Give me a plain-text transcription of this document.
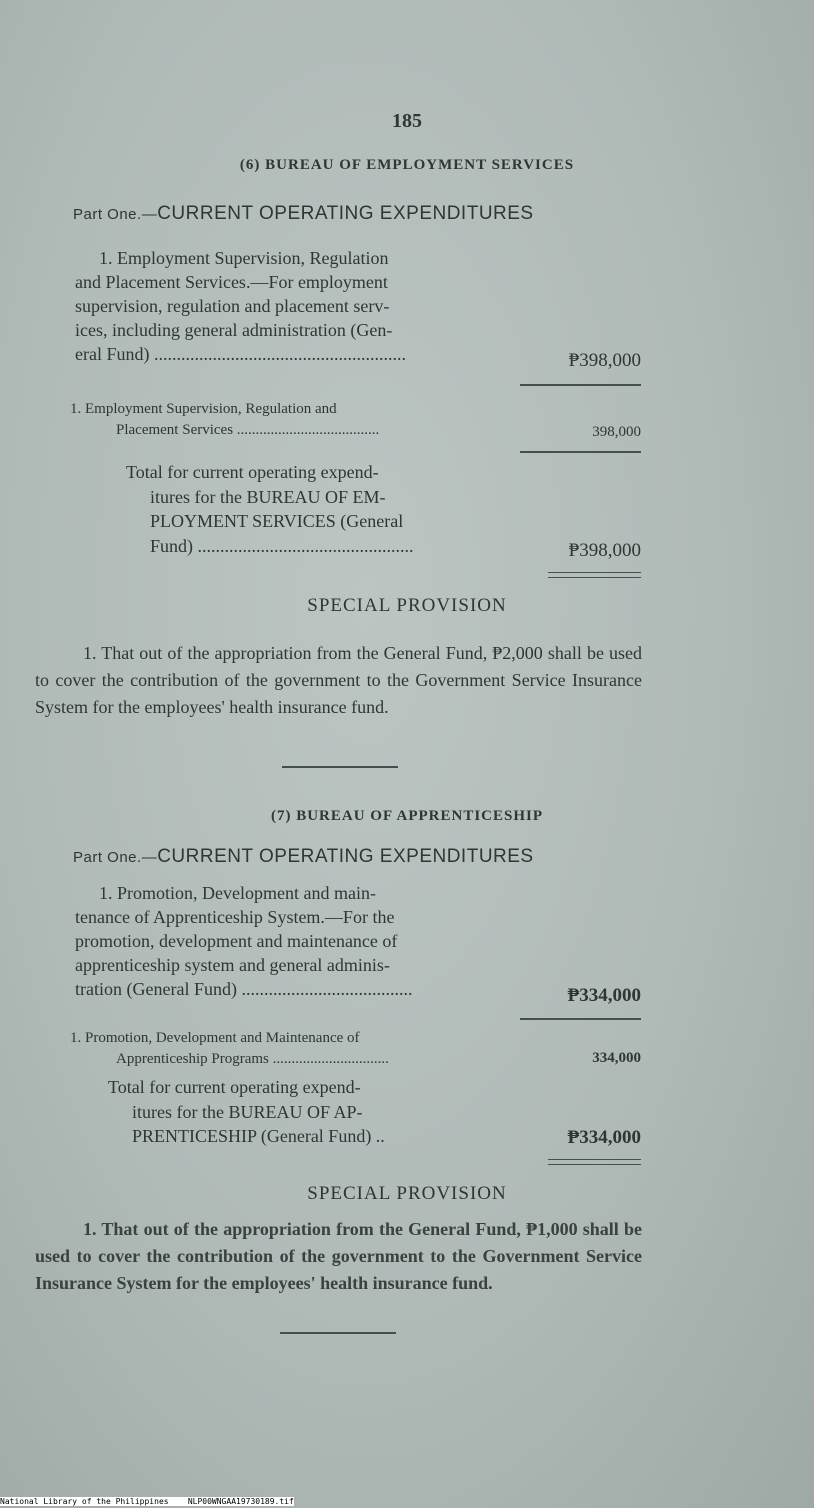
185
(6) BUREAU OF EMPLOYMENT SERVICES
Part One.—CURRENT OPERATING EXPENDITURES
1. Employment Supervision, Regulation
and Placement Services.—For employment
supervision, regulation and placement serv-
ices, including general administration (Gen-
eral Fund) ........................................................	₱398,000
1. Employment Supervision, Regulation and
Placement Services ......................................	398,000
Total for current operating expend-
itures for the BUREAU OF EM-
PLOYMENT SERVICES (General
Fund) ................................................	₱398,000
SPECIAL PROVISION
1. That out of the appropriation from the General Fund, ₱2,000 shall be used to cover the contribution of the government to the Government Service Insurance System for the employees' health insurance fund.
(7) BUREAU OF APPRENTICESHIP
Part One.—CURRENT OPERATING EXPENDITURES
1. Promotion, Development and main-
tenance of Apprenticeship System.—For the
promotion, development and maintenance of
apprenticeship system and general adminis-
tration (General Fund) ......................................	₱334,000
1. Promotion, Development and Maintenance of
Apprenticeship Programs ...............................	334,000
Total for current operating expend-
itures for the BUREAU OF AP-
PRENTICESHIP (General Fund) ..	₱334,000
SPECIAL PROVISION
1. That out of the appropriation from the General Fund, ₱1,000 shall be used to cover the contribution of the government to the Government Service Insurance System for the employees' health insurance fund.
National Library of the Philippines    NLP00WNGAA19730189.tif
